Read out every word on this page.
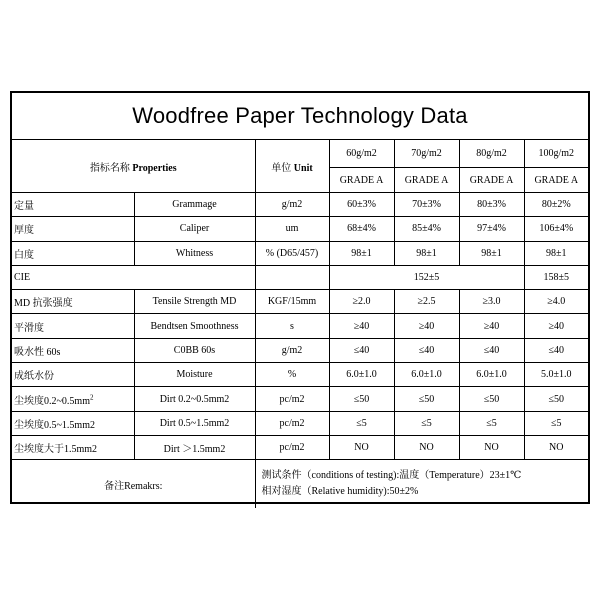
Woodfree Paper Technology Data
指标名称 Properties		单位 Unit	60g/m2	70g/m2	80g/m2	100g/m2
			GRADE A	GRADE A	GRADE A	GRADE A
定量	Grammage	g/m2	60±3%	70±3%	80±3%	80±2%
厚度	Caliper	um	68±4%	85±4%	97±4%	106±4%
白度	Whitness	% (D65/457)	98±1	98±1	98±1	98±1
CIE			152±5			158±5
MD 抗张强度	Tensile Strength MD	KGF/15mm	≥2.0	≥2.5	≥3.0	≥4.0
平滑度	Bendtsen Smoothness	s	≥40	≥40	≥40	≥40
吸水性 60s	C0BB 60s	g/m2	≤40	≤40	≤40	≤40
成纸水份	Moisture	%	6.0±1.0	6.0±1.0	6.0±1.0	5.0±1.0
尘埃度$0.2\sim 0.5mm^2$	Dirt 0.2~0.5mm2	pc/m2	≤50	≤50	≤50	≤50
尘埃度0.5~1.5mm2	Dirt 0.5~1.5mm2	pc/m2	≤5	≤5	≤5	≤5
尘埃度大于1.5mm2	Dirt ＞1.5mm2	pc/m2	NO	NO	NO	NO
备注Remakrs:		测试条件（conditions of testing):温度（Temperature）23±1℃
相对湿度（Relative humidity):50±2%				
